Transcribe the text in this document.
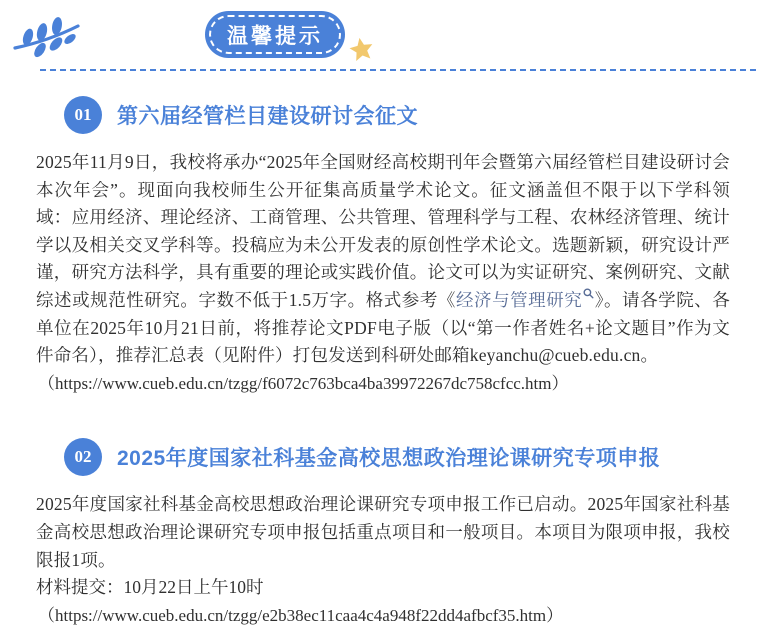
温馨提示
01	第六届经管栏目建设研讨会征文

2025年11月9日，我校将承办“2025年全国财经高校期刊年会暨第六届经管栏目建设研讨会本次年会”。现面向我校师生公开征集高质量学术论文。征文涵盖但不限于以下学科领域：应用经济、理论经济、工商管理、公共管理、管理科学与工程、农林经济管理、统计学以及相关交叉学科等。投稿应为未公开发表的原创性学术论文。选题新颖，研究设计严谨，研究方法科学，具有重要的理论或实践价值。论文可以为实证研究、案例研究、文献综述或规范性研究。字数不低于1.5万字。格式参考《经济与管理研究 》。请各学院、各单位在2025年10月21日前，将推荐论文PDF电子版（以“第一作者姓名+论文题目”作为文件命名），推荐汇总表（见附件）打包发送到科研处邮箱keyanchu@cueb.edu.cn。

（https://www.cueb.edu.cn/tzgg/f6072c763bca4ba39972267dc758cfcc.htm）

02	2025年度国家社科基金高校思想政治理论课研究专项申报

2025年度国家社科基金高校思想政治理论课研究专项申报工作已启动。2025年国家社科基金高校思想政治理论课研究专项申报包括重点项目和一般项目。本项目为限项申报，我校限报1项。

材料提交：10月22日上午10时

（https://www.cueb.edu.cn/tzgg/e2b38ec11caa4c4a948f22dd4afbcf35.htm）
